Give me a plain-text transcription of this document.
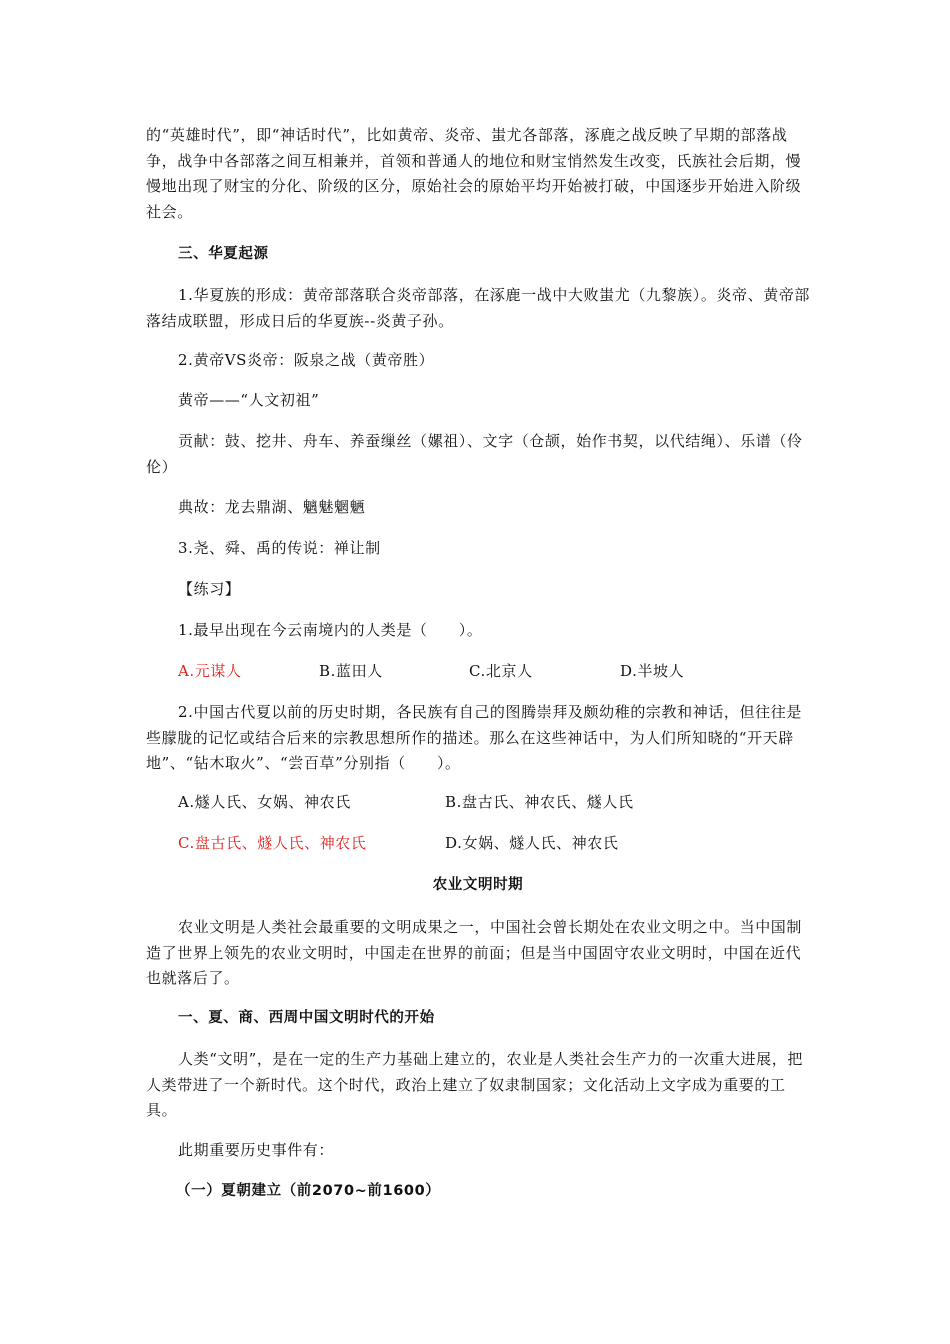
的“英雄时代”，即“神话时代”，比如黄帝、炎帝、蚩尤各部落，涿鹿之战反映了早期的部落战争，战争中各部落之间互相兼并，首领和普通人的地位和财宝悄然发生改变，氏族社会后期，慢慢地出现了财宝的分化、阶级的区分，原始社会的原始平均开始被打破，中国逐步开始进入阶级社会。

三、华夏起源

1.华夏族的形成：黄帝部落联合炎帝部落，在涿鹿一战中大败蚩尤（九黎族）。炎帝、黄帝部落结成联盟，形成日后的华夏族--炎黄子孙。

2.黄帝VS炎帝：阪泉之战（黄帝胜）

黄帝——“人文初祖”

贡献：鼓、挖井、舟车、养蚕缫丝（嫘祖）、文字（仓颉，始作书契，以代结绳）、乐谱（伶伦）

典故：龙去鼎湖、魑魅魍魉

3.尧、舜、禹的传说：禅让制

【练习】

1.最早出现在今云南境内的人类是（　　）。

A.元谋人	B.蓝田人	C.北京人	D.半坡人

2.中国古代夏以前的历史时期，各民族有自己的图腾崇拜及颇幼稚的宗教和神话，但往往是些朦胧的记忆或结合后来的宗教思想所作的描述。那么在这些神话中，为人们所知晓的“开天辟地”、“钻木取火”、“尝百草”分别指（　　）。

A.燧人氏、女娲、神农氏	B.盘古氏、神农氏、燧人氏

C.盘古氏、燧人氏、神农氏	D.女娲、燧人氏、神农氏

农业文明时期

农业文明是人类社会最重要的文明成果之一，中国社会曾长期处在农业文明之中。当中国制造了世界上领先的农业文明时，中国走在世界的前面；但是当中国固守农业文明时，中国在近代也就落后了。

一、夏、商、西周中国文明时代的开始

人类“文明”，是在一定的生产力基础上建立的，农业是人类社会生产力的一次重大进展，把人类带进了一个新时代。这个时代，政治上建立了奴隶制国家；文化活动上文字成为重要的工具。

此期重要历史事件有：

（一）夏朝建立（前2070~前1600）
